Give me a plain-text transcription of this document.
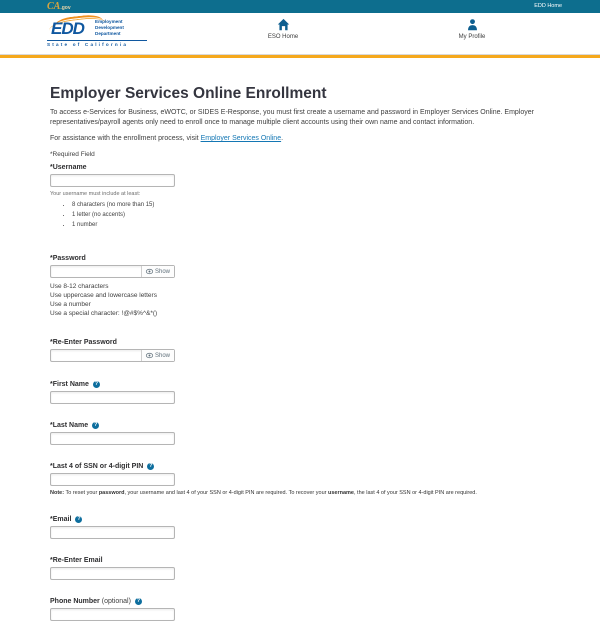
CA.gov	EDD Home
EDD Employment
Development
Department
State of California
ESO Home	My Profile
Employer Services Online Enrollment

To access e-Services for Business, eWOTC, or SIDES E-Response, you must first create a username and password in Employer Services Online. Employer representatives/payroll agents only need to enroll once to manage multiple client accounts using their own name and contact information.

For assistance with the enrollment process, visit Employer Services Online.

*Required Field

*Username
Your username must include at least:
• 8 characters (no more than 15)
• 1 letter (no accents)
• 1 number
*Password
Show
Use 8-12 characters
Use uppercase and lowercase letters
Use a number
Use a special character: !@#$%^&*()
*Re-Enter Password
Show
*First Name	?
*Last Name	?
*Last 4 of SSN or 4-digit PIN	?
Note: To reset your password, your username and last 4 of your SSN or 4-digit PIN are required. To recover your username, the last 4 of your SSN or 4-digit PIN are required.
*Email	?
*Re-Enter Email
Phone Number (optional)	?
